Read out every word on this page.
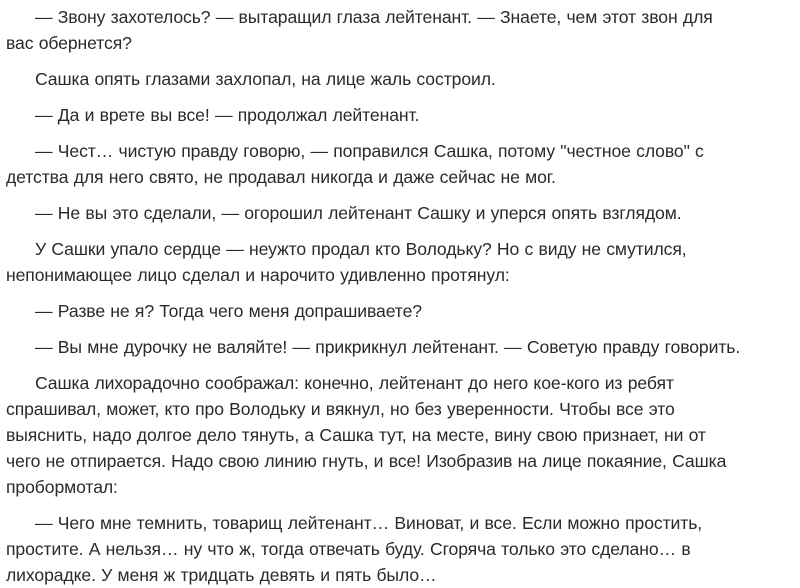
— Звону захотелось? — вытаращил глаза лейтенант. — Знаете, чем этот звон для
вас обернется?

Сашка опять глазами захлопал, на лице жаль состроил.

— Да и врете вы все! — продолжал лейтенант.

— Чест… чистую правду говорю, — поправился Сашка, потому "честное слово" с
детства для него свято, не продавал никогда и даже сейчас не мог.

— Не вы это сделали, — огорошил лейтенант Сашку и уперся опять взглядом.

У Сашки упало сердце — неужто продал кто Володьку? Но с виду не смутился,
непонимающее лицо сделал и нарочито удивленно протянул:

— Разве не я? Тогда чего меня допрашиваете?

— Вы мне дурочку не валяйте! — прикрикнул лейтенант. — Советую правду говорить.

Сашка лихорадочно соображал: конечно, лейтенант до него кое-кого из ребят
спрашивал, может, кто про Володьку и вякнул, но без уверенности. Чтобы все это
выяснить, надо долгое дело тянуть, а Сашка тут, на месте, вину свою признает, ни от
чего не отпирается. Надо свою линию гнуть, и все! Изобразив на лице покаяние, Сашка
пробормотал:

— Чего мне темнить, товарищ лейтенант… Виноват, и все. Если можно простить,
простите. А нельзя… ну что ж, тогда отвечать буду. Сгоряча только это сделано… в
лихорадке. У меня ж тридцать девять и пять было…
